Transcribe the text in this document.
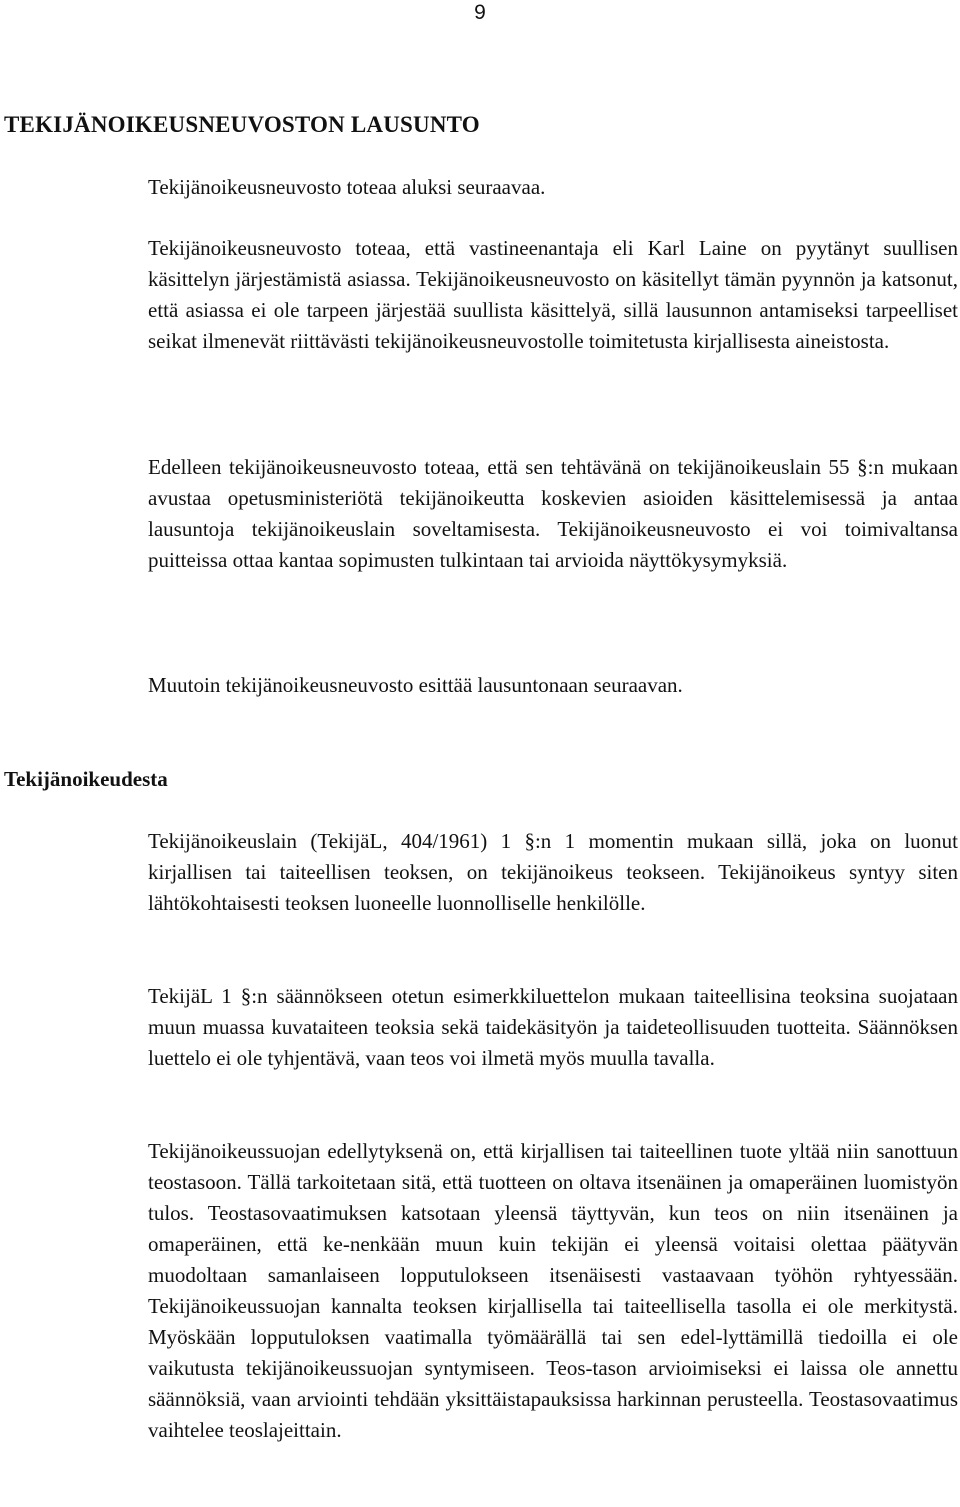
9
TEKIJÄNOIKEUSNEUVOSTON LAUSUNTO

Tekijänoikeusneuvosto toteaa aluksi seuraavaa.

Tekijänoikeusneuvosto toteaa, että vastineenantaja eli Karl Laine on pyytänyt suullisen käsittelyn järjestämistä asiassa. Tekijänoikeusneuvosto on käsitellyt tämän pyynnön ja katsonut, että asiassa ei ole tarpeen järjestää suullista käsittelyä, sillä lausunnon antamiseksi tarpeelliset seikat ilmenevät riittävästi tekijänoikeusneuvostolle toimitetusta kirjallisesta aineistosta.

Edelleen tekijänoikeusneuvosto toteaa, että sen tehtävänä on tekijänoikeuslain 55 §:n mukaan avustaa opetusministeriötä tekijänoikeutta koskevien asioiden käsittelemisessä ja antaa lausuntoja tekijänoikeuslain soveltamisesta. Tekijänoikeusneuvosto ei voi toimivaltansa puitteissa ottaa kantaa sopimusten tulkintaan tai arvioida näyttökysymyksiä.

Muutoin tekijänoikeusneuvosto esittää lausuntonaan seuraavan.

Tekijänoikeudesta

Tekijänoikeuslain (TekijäL, 404/1961) 1 §:n 1 momentin mukaan sillä, joka on luonut kirjallisen tai taiteellisen teoksen, on tekijänoikeus teokseen. Tekijänoikeus syntyy siten lähtökohtaisesti teoksen luoneelle luonnolliselle henkilölle.

TekijäL 1 §:n säännökseen otetun esimerkkiluettelon mukaan taiteellisina teoksina suojataan muun muassa kuvataiteen teoksia sekä taidekäsityön ja taideteollisuuden tuotteita. Säännöksen luettelo ei ole tyhjentävä, vaan teos voi ilmetä myös muulla tavalla.

Tekijänoikeussuojan edellytyksenä on, että kirjallisen tai taiteellinen tuote yltää niin sanottuun teostasoon. Tällä tarkoitetaan sitä, että tuotteen on oltava itsenäinen ja omaperäinen luomistyön tulos. Teostasovaatimuksen katsotaan yleensä täyttyvän, kun teos on niin itsenäinen ja omaperäinen, että ke-nenkään muun kuin tekijän ei yleensä voitaisi olettaa päätyvän muodoltaan samanlaiseen lopputulokseen itsenäisesti vastaavaan työhön ryhtyessään. Tekijänoikeussuojan kannalta teoksen kirjallisella tai taiteellisella tasolla ei ole merkitystä. Myöskään lopputuloksen vaatimalla työmäärällä tai sen edel-lyttämillä tiedoilla ei ole vaikutusta tekijänoikeussuojan syntymiseen. Teos-tason arvioimiseksi ei laissa ole annettu säännöksiä, vaan arviointi tehdään yksittäistapauksissa harkinnan perusteella. Teostasovaatimus vaihtelee teoslajeittain.
